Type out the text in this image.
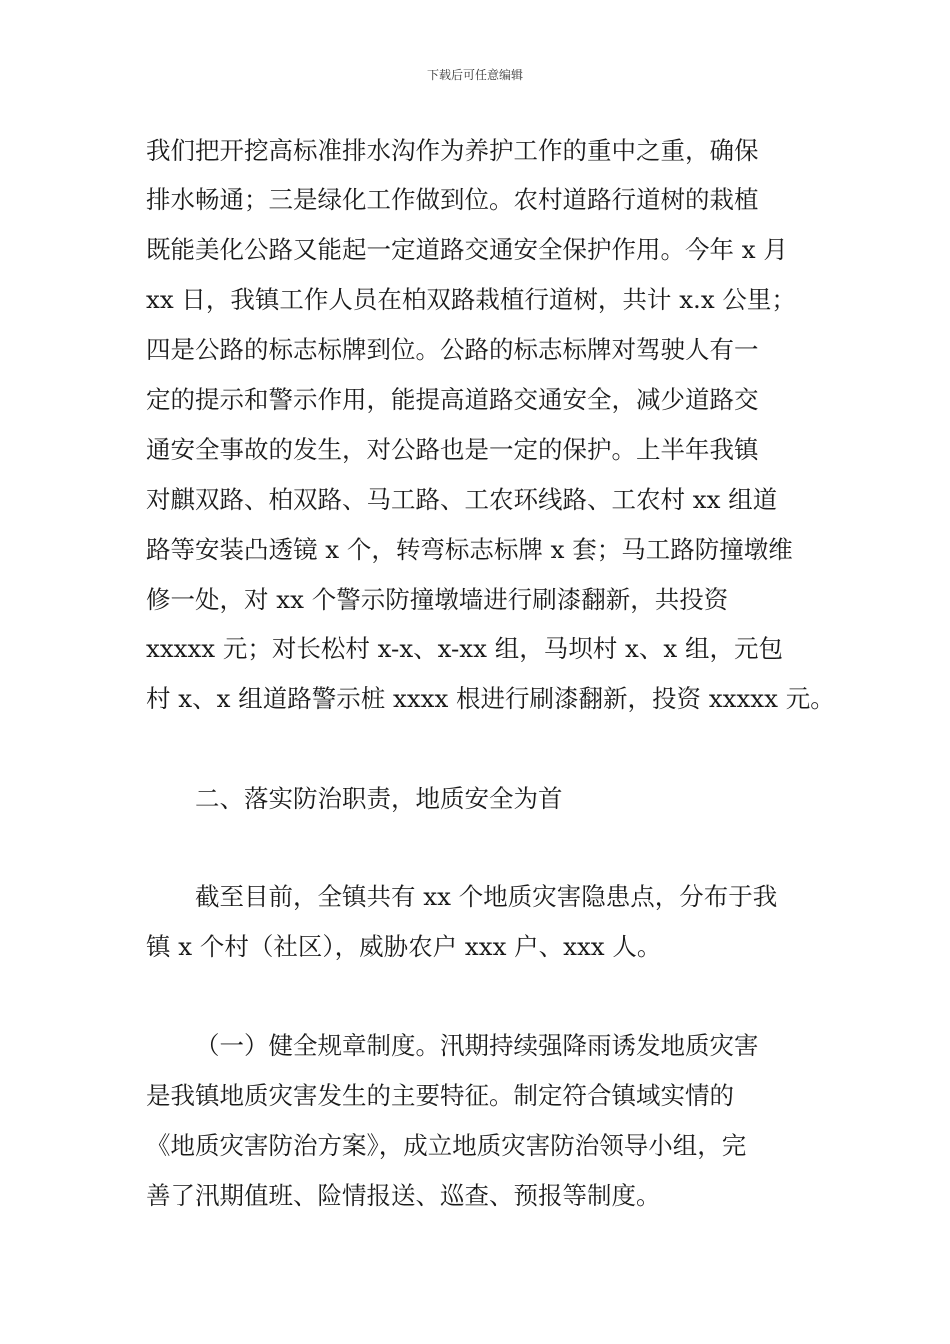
下载后可任意编辑
我们把开挖高标准排水沟作为养护工作的重中之重，确保
排水畅通；三是绿化工作做到位。农村道路行道树的栽植
既能美化公路又能起一定道路交通安全保护作用。今年 x 月
xx 日，我镇工作人员在柏双路栽植行道树，共计 x.x 公里；
四是公路的标志标牌到位。公路的标志标牌对驾驶人有一
定的提示和警示作用，能提高道路交通安全，减少道路交
通安全事故的发生，对公路也是一定的保护。上半年我镇
对麒双路、柏双路、马工路、工农环线路、工农村 xx 组道
路等安装凸透镜 x 个，转弯标志标牌 x 套；马工路防撞墩维
修一处，对 xx 个警示防撞墩墙进行刷漆翻新，共投资
xxxxx 元；对长松村 x-x、x-xx 组，马坝村 x、x 组，元包
村 x、x 组道路警示桩 xxxx 根进行刷漆翻新，投资 xxxxx 元。
二、落实防治职责，地质安全为首
截至目前，全镇共有 xx 个地质灾害隐患点，分布于我
镇 x 个村（社区），威胁农户 xxx 户、xxx 人。
（一）健全规章制度。汛期持续强降雨诱发地质灾害
是我镇地质灾害发生的主要特征。制定符合镇域实情的
《地质灾害防治方案》，成立地质灾害防治领导小组，完
善了汛期值班、险情报送、巡查、预报等制度。
